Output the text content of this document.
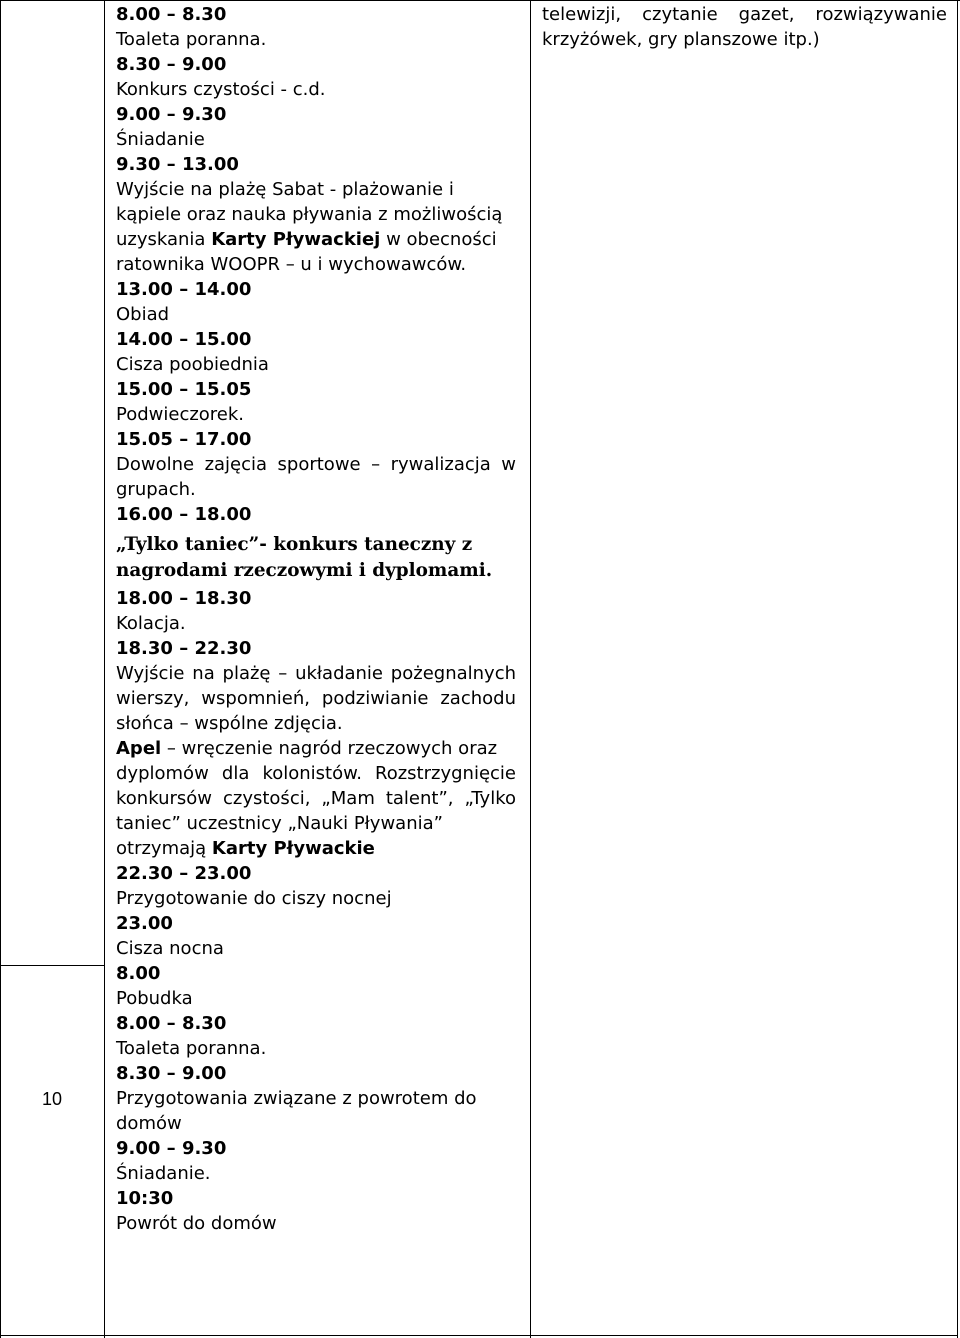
10
8.00 – 8.30
Toaleta poranna.
8.30 – 9.00
Konkurs czystości - c.d.
9.00 – 9.30
Śniadanie
9.30 – 13.00
Wyjście na plażę Sabat - plażowanie i
kąpiele oraz nauka pływania z możliwością
uzyskania Karty Pływackiej w obecności
ratownika WOOPR – u i wychowawców.
13.00 – 14.00
Obiad
14.00 – 15.00
Cisza poobiednia
15.00 – 15.05
Podwieczorek.
15.05 – 17.00
Dowolne zajęcia sportowe – rywalizacja w
grupach.
16.00 – 18.00
„Tylko taniec”- konkurs taneczny z
nagrodami rzeczowymi i dyplomami.
18.00 – 18.30
Kolacja.
18.30 – 22.30
Wyjście na plażę – układanie pożegnalnych
wierszy, wspomnień, podziwianie zachodu
słońca – wspólne zdjęcia.
Apel – wręczenie nagród rzeczowych oraz
dyplomów dla kolonistów. Rozstrzygnięcie
konkursów czystości, „Mam talent”, „Tylko
taniec” uczestnicy „Nauki Pływania”
otrzymają Karty Pływackie
22.30 – 23.00
Przygotowanie do ciszy nocnej
23.00
Cisza nocna
8.00
Pobudka
8.00 – 8.30
Toaleta poranna.
8.30 – 9.00
Przygotowania związane z powrotem do
domów
9.00 – 9.30
Śniadanie.
10:30
Powrót do domów
telewizji, czytanie gazet, rozwiązywanie
krzyżówek, gry planszowe itp.)
